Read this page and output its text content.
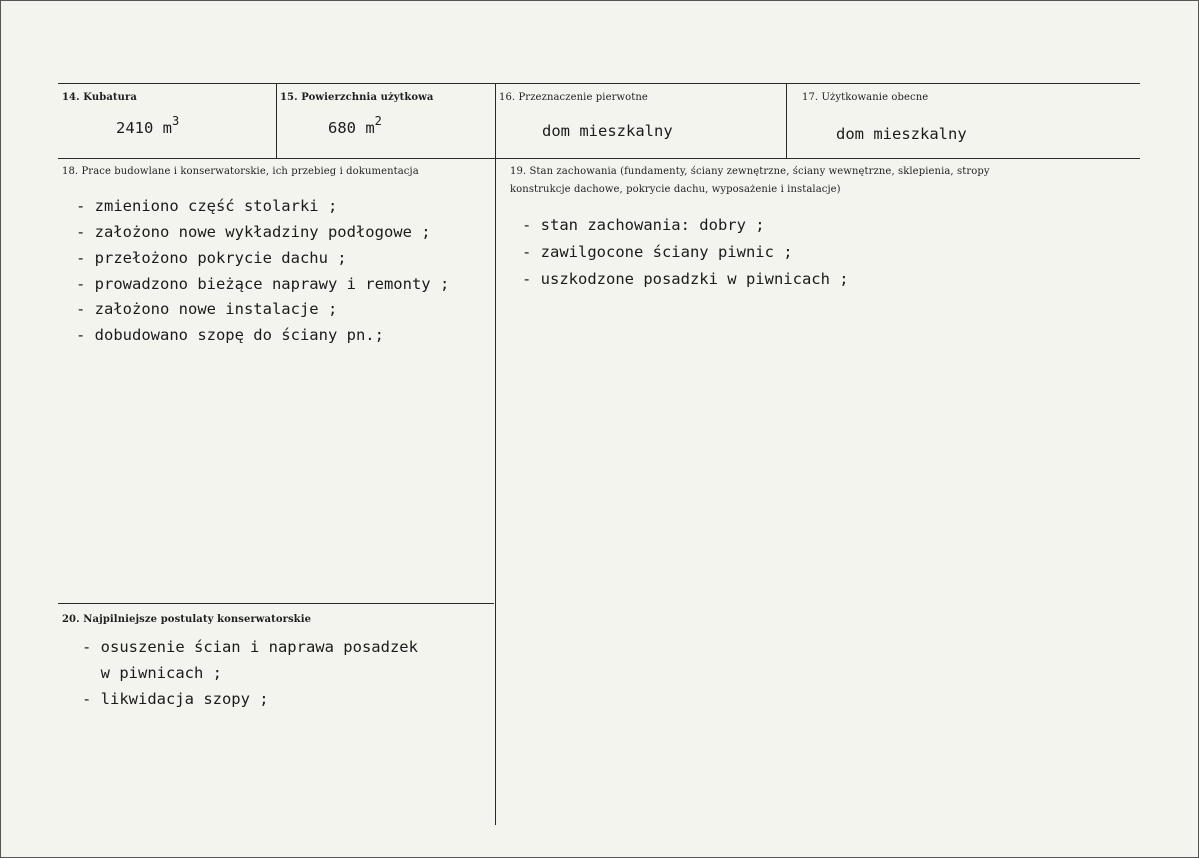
14. Kubatura
2410 $m^3$
15. Powierzchnia użytkowa
680 $m^2$
16. Przeznaczenie pierwotne
dom mieszkalny
17. Użytkowanie obecne
dom mieszkalny
18. Prace budowlane i konserwatorskie, ich przebieg i dokumentacja
- zmieniono część stolarki ;
- założono nowe wykładziny podłogowe ;
- przełożono pokrycie dachu ;
- prowadzono bieżące naprawy i remonty ;
- założono nowe instalacje ;
- dobudowano szopę do ściany pn.;
19. Stan zachowania (fundamenty, ściany zewnętrzne, ściany wewnętrzne, sklepienia, stropy
konstrukcje dachowe, pokrycie dachu, wyposażenie i instalacje)
- stan zachowania: dobry ;
- zawilgocone ściany piwnic ;
- uszkodzone posadzki w piwnicach ;
20. Najpilniejsze postulaty konserwatorskie
- osuszenie ścian i naprawa posadzek
w piwnicach ;
- likwidacja szopy ;
